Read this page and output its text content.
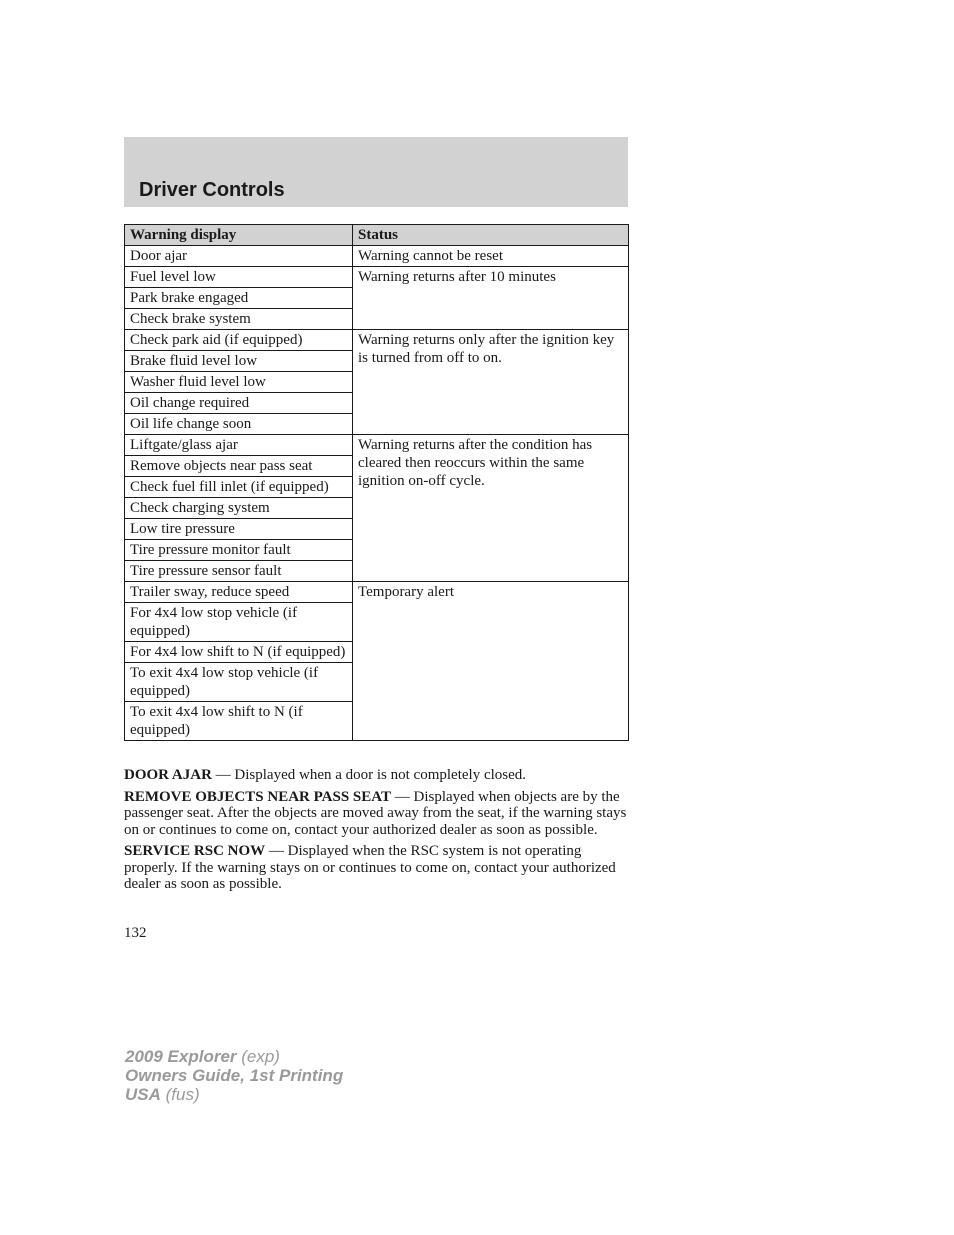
Driver Controls
Warning display	Status
Door ajar	Warning cannot be reset
Fuel level low	Warning returns after 10 minutes
Park brake engaged	
Check brake system	
Check park aid (if equipped)	Warning returns only after the ignition key is turned from off to on.
Brake fluid level low	
Washer fluid level low	
Oil change required	
Oil life change soon	
Liftgate/glass ajar	Warning returns after the condition has cleared then reoccurs within the same ignition on-off cycle.
Remove objects near pass seat	
Check fuel fill inlet (if equipped)	
Check charging system	
Low tire pressure	
Tire pressure monitor fault	
Tire pressure sensor fault	
Trailer sway, reduce speed	Temporary alert
For 4x4 low stop vehicle (if equipped)	
For 4x4 low shift to N (if equipped)	
To exit 4x4 low stop vehicle (if equipped)	
To exit 4x4 low shift to N (if equipped)	

DOOR AJAR — Displayed when a door is not completely closed.

REMOVE OBJECTS NEAR PASS SEAT — Displayed when objects are by the passenger seat. After the objects are moved away from the seat, if the warning stays on or continues to come on, contact your authorized dealer as soon as possible.

SERVICE RSC NOW — Displayed when the RSC system is not operating properly. If the warning stays on or continues to come on, contact your authorized dealer as soon as possible.

132
2009 Explorer (exp)
Owners Guide, 1st Printing
USA (fus)
